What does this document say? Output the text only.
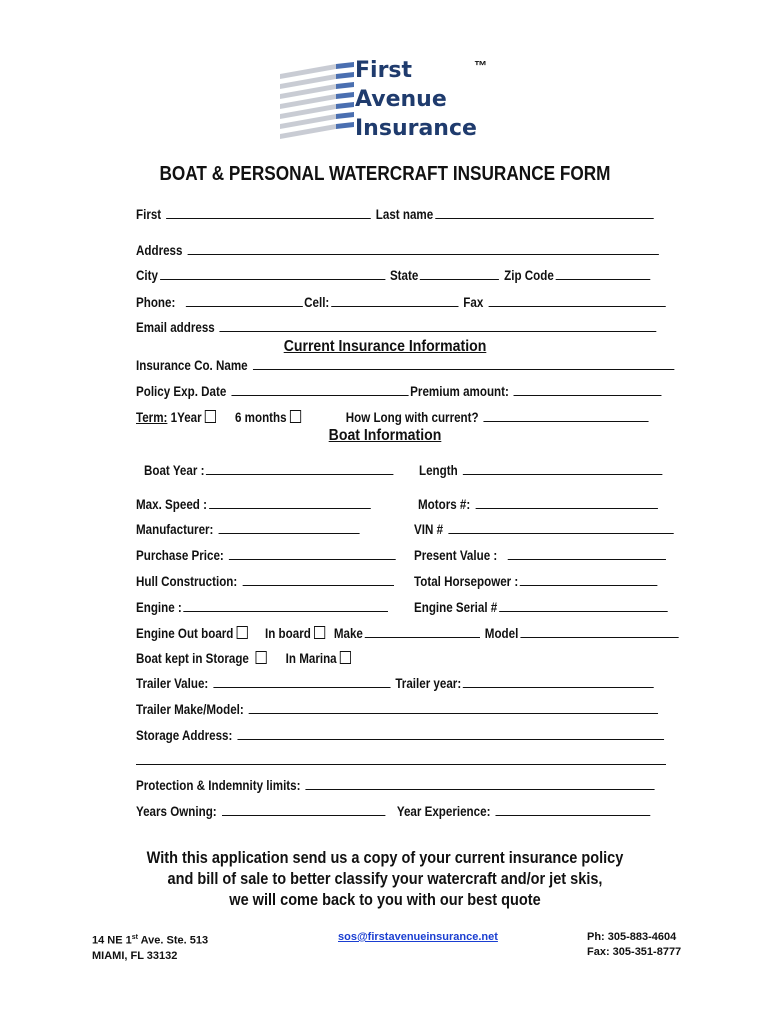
First
Avenue
Insurance
™
BOAT & PERSONAL WATERCRAFT INSURANCE FORM
First	Last name
Address
City	State	Zip Code
Phone:	Cell:	Fax
Email address
Current Insurance Information
Insurance Co. Name
Policy Exp. Date	Premium amount:
Term: 1Year 6 months	How Long with current?
Boat Information
Boat Year :	Length
Max. Speed :	Motors #:
Manufacturer:	VIN #
Purchase Price:	Present Value :
Hull Construction:	Total Horsepower :
Engine :	Engine Serial #
Engine Out board In board Make	Model
Boat kept in Storage	In Marina
Trailer Value:	Trailer year:
Trailer Make/Model:
Storage Address:
Protection & Indemnity limits:
Years Owning:	Year Experience:
With this application send us a copy of your current insurance policy
and bill of sale to better classify your watercraft and/or jet skis,
we will come back to you with our best quote
14 NE 1st Ave. Ste. 513
MIAMI, FL 33132
sos@firstavenueinsurance.net	Ph: 305-883-4604
Fax: 305-351-8777
